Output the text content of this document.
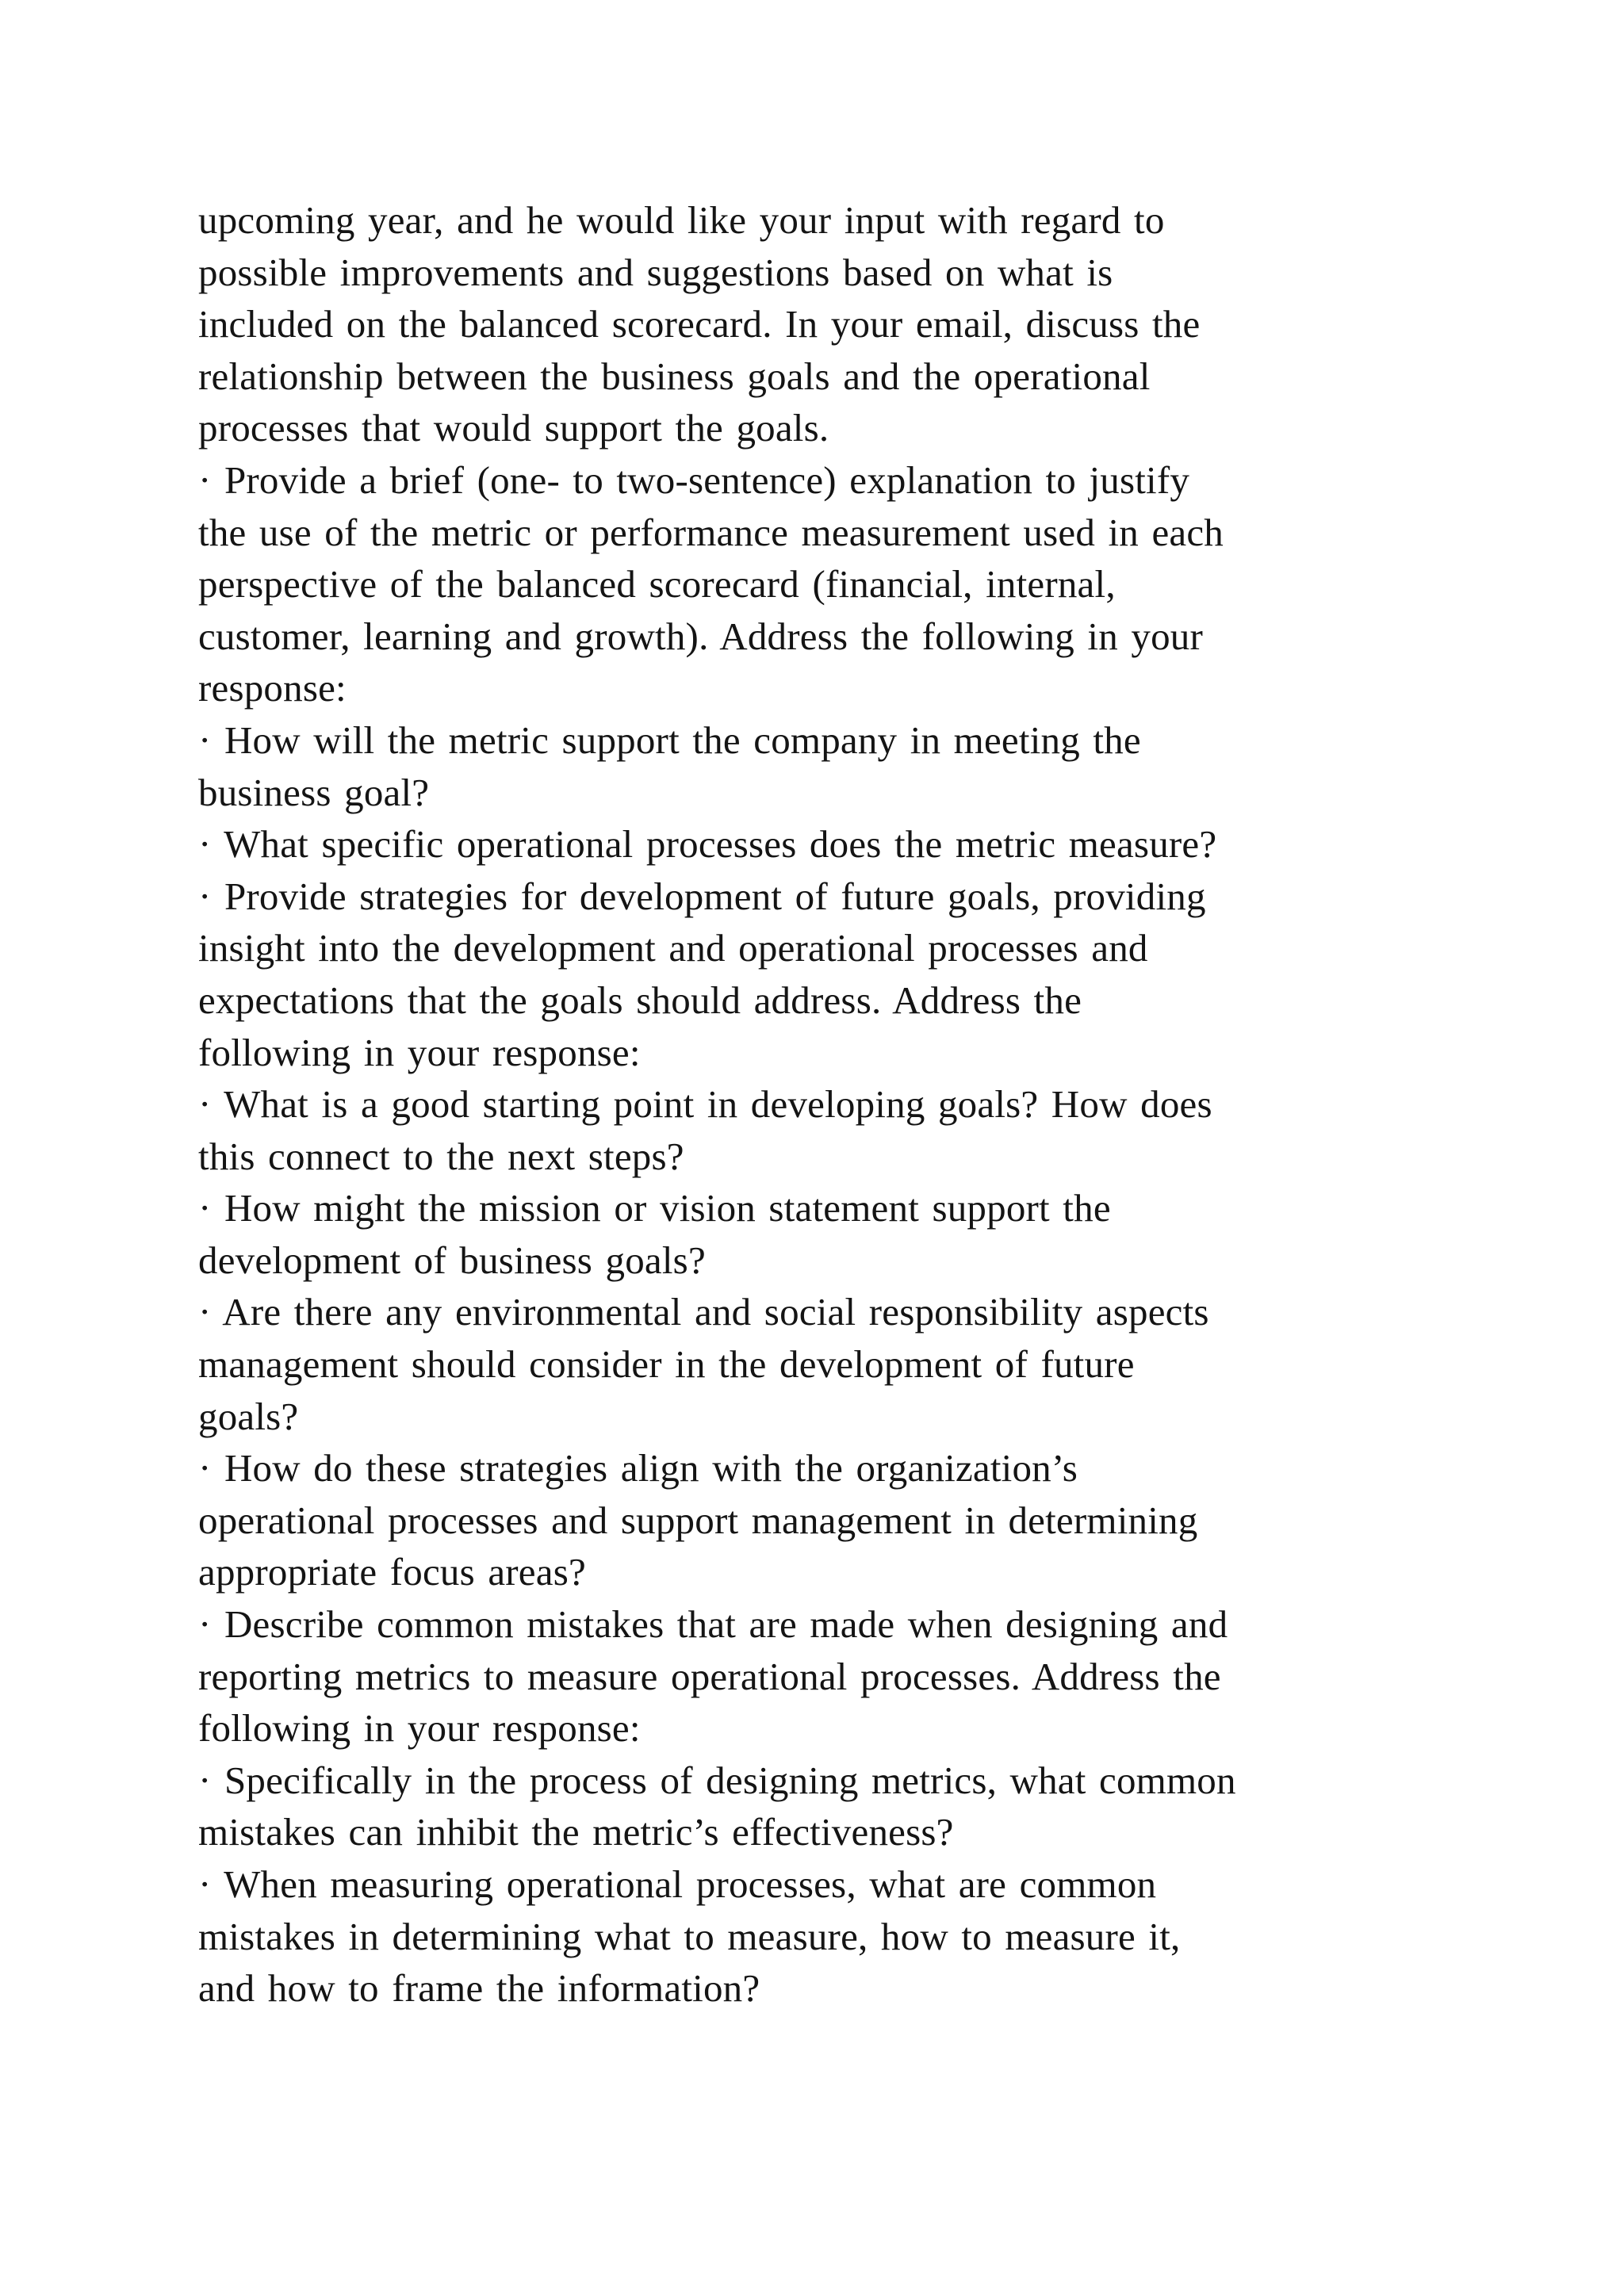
upcoming year, and he would like your input with regard to
possible improvements and suggestions based on what is
included on the balanced scorecard. In your email, discuss the
relationship between the business goals and the operational
processes that would support the goals.
· Provide a brief (one- to two-sentence) explanation to justify
the use of the metric or performance measurement used in each
perspective of the balanced scorecard (financial, internal,
customer, learning and growth). Address the following in your
response:
· How will the metric support the company in meeting the
business goal?
· What specific operational processes does the metric measure?
· Provide strategies for development of future goals, providing
insight into the development and operational processes and
expectations that the goals should address. Address the
following in your response:
· What is a good starting point in developing goals? How does
this connect to the next steps?
· How might the mission or vision statement support the
development of business goals?
· Are there any environmental and social responsibility aspects
management should consider in the development of future
goals?
· How do these strategies align with the organization’s
operational processes and support management in determining
appropriate focus areas?
· Describe common mistakes that are made when designing and
reporting metrics to measure operational processes. Address the
following in your response:
· Specifically in the process of designing metrics, what common
mistakes can inhibit the metric’s effectiveness?
· When measuring operational processes, what are common
mistakes in determining what to measure, how to measure it,
and how to frame the information?
